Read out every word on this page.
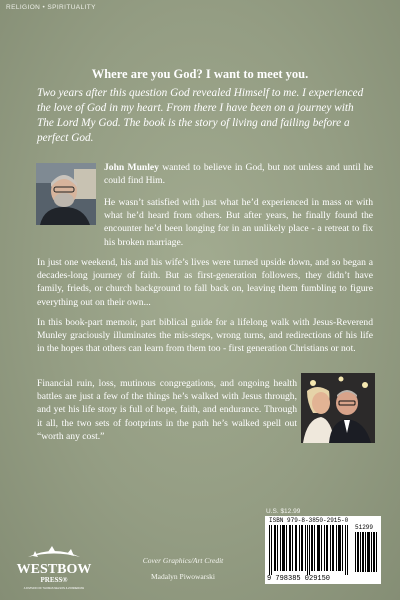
RELIGION • SPIRITUALITY
Where are you God? I want to meet you.

Two years after this question God revealed Himself to me. I experienced the love of God in my heart. From there I have been on a journey with The Lord My God. The book is the story of living and failing before a perfect God.

John Munley wanted to believe in God, but not unless and until he could find Him.

He wasn’t satisfied with just what he’d experienced in mass or with what he’d heard from others. But after years, he finally found the encounter he’d been longing for in an unlikely place - a retreat to fix his broken marriage.

In just one weekend, his and his wife’s lives were turned upside down, and so began a decades-long journey of faith. But as first-generation followers, they didn’t have family, frieds, or church background to fall back on, leaving them fumbling to figure everything out on their own...

In this book-part memoir, part biblical guide for a lifelong walk with Jesus-Reverend Munley graciously illuminates the mis-steps, wrong turns, and redirections of his life in the hopes that others can learn from them too - first generation Christians or not.

Financial ruin, loss, mutinous congregations, and ongoing health battles are just a few of the things he’s walked with Jesus through, and yet his life story is full of hope, faith, and endurance. Through it all, the two sets of footprints in the path he’s walked spell out “worth any cost.”

WESTBOW
PRESS®
A DIVISION OF THOMAS NELSON & ZONDERVAN
Cover Graphics/Art Credit
Madalyn Piwowarski
U.S. $12.99
ISBN 979-8-3850-2915-0
51299
9 798385 029150
